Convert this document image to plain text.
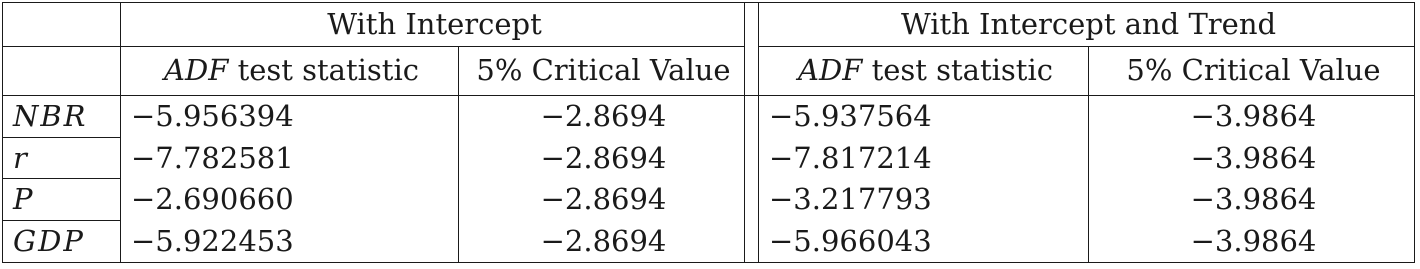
	With Intercept			With Intercept and Trend	
	ADF test statistic	5% Critical Value		ADF test statistic	5% Critical Value
NBR	−5.956394	−2.8694		−5.937564	−3.9864
r	−7.782581	−2.8694		−7.817214	−3.9864
P	−2.690660	−2.8694		−3.217793	−3.9864
GDP	−5.922453	−2.8694		−5.966043	−3.9864
